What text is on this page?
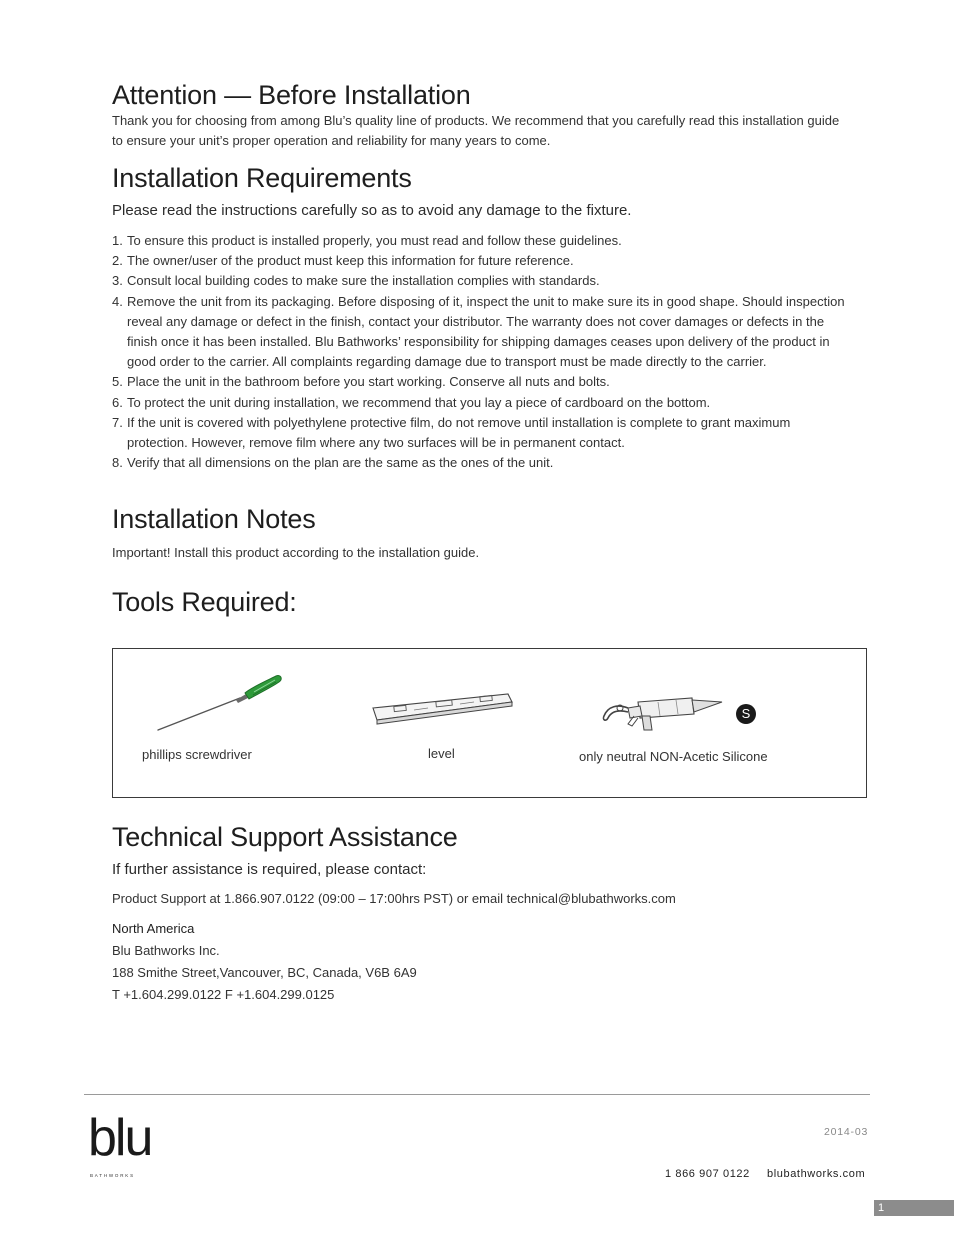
Attention — Before Installation

Thank you for choosing from among Blu’s quality line of products. We recommend that you carefully read this installation guide to ensure your unit’s proper operation and reliability for many years to come.

Installation Requirements
Please read the instructions carefully so as to avoid any damage to the fixture.
1. To ensure this product is installed properly, you must read and follow these guidelines.
2. The owner/user of the product must keep this information for future reference.
3. Consult local building codes to make sure the installation complies with standards.
4. Remove the unit from its packaging. Before disposing of it, inspect the unit to make sure its in good shape. Should inspection reveal any damage or defect in the finish, contact your distributor. The warranty does not cover damages or defects in the finish once it has been installed. Blu Bathworks’ responsibility for shipping damages ceases upon delivery of the product in good order to the carrier. All complaints regarding damage due to transport must be made directly to the carrier.
5. Place the unit in the bathroom before you start working. Conserve all nuts and bolts.
6. To protect the unit during installation, we recommend that you lay a piece of cardboard on the bottom.
7. If the unit is covered with polyethylene protective film, do not remove until installation is complete to grant maximum protection. However, remove film where any two surfaces will be in permanent contact.
8. Verify that all dimensions on the plan are the same as the ones of the unit.
Installation Notes
Important! Install this product according to the installation guide.
Tools Required:
phillips screwdriver	level
S
only neutral NON-Acetic Silicone
Technical Support Assistance
If further assistance is required, please contact:
Product Support at 1.866.907.0122 (09:00 – 17:00hrs PST) or email technical@blubathworks.com
North America
Blu Bathworks Inc.
188 Smithe Street,Vancouver, BC, Canada, V6B 6A9
T +1.604.299.0122 F +1.604.299.0125
blu
BATHWORKS
2014-03
1 866 907 0122 blubathworks.com
1
